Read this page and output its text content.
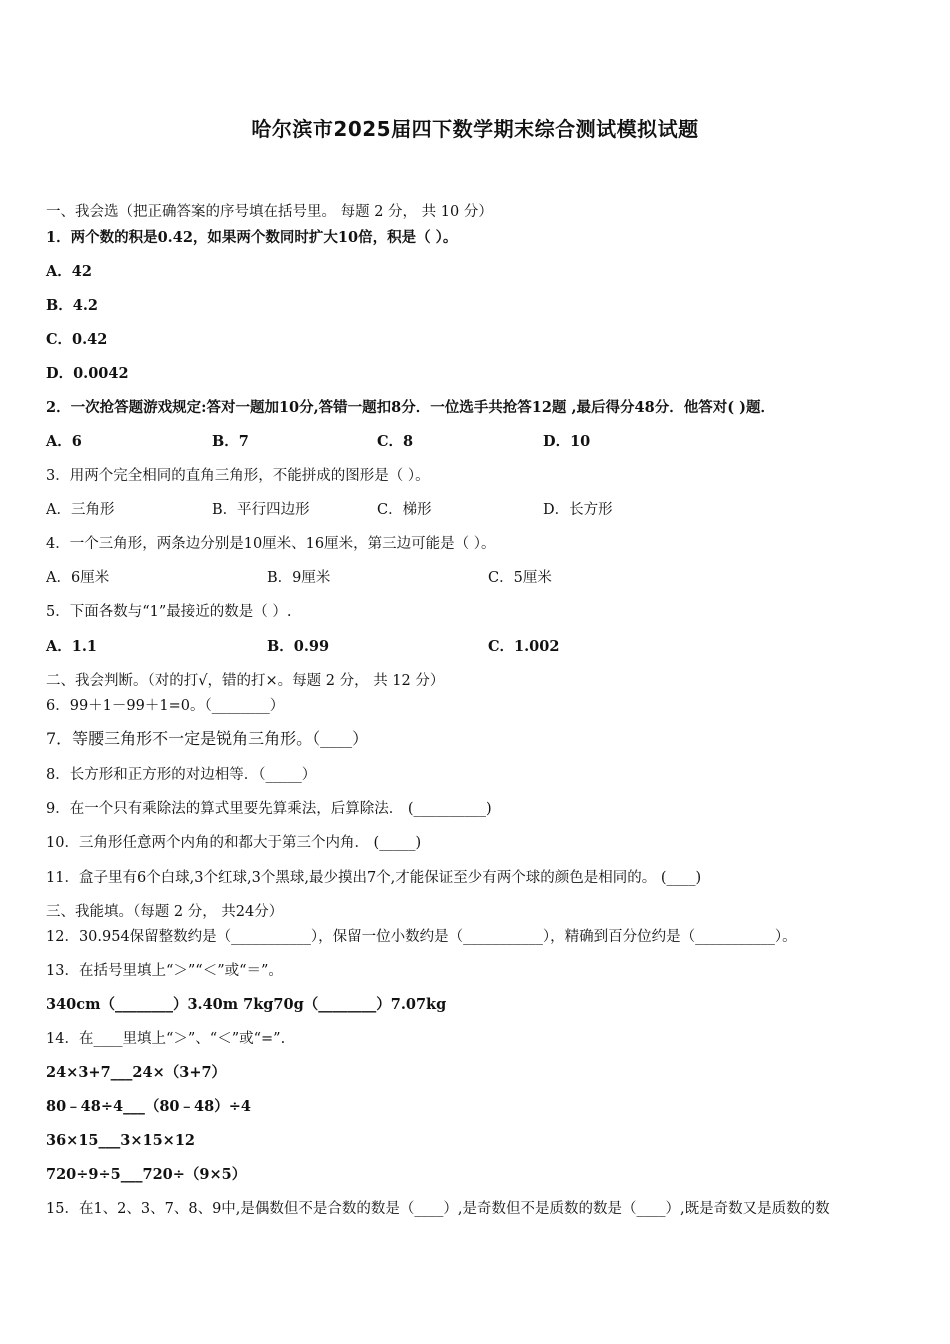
哈尔滨市2025届四下数学期末综合测试模拟试题
一、我会选（把正确答案的序号填在括号里。 每题 2 分， 共 10 分）
1．两个数的积是0.42，如果两个数同时扩大10倍，积是（ ）。
A．42
B．4.2
C．0.42
D．0.0042
2．一次抢答题游戏规定:答对一题加10分,答错一题扣8分．一位选手共抢答12题 ,最后得分48分．他答对( )题．
A．6	B．7	C．8	D．10
3．用两个完全相同的直角三角形，不能拼成的图形是（ ）。
A．三角形	B．平行四边形	C．梯形	D．长方形
4．一个三角形，两条边分别是10厘米、16厘米，第三边可能是（ ）。
A．6厘米	B．9厘米	C．5厘米
5．下面各数与“1”最接近的数是（ ）.
A．1.1	B．0.99	C．1.002
二、我会判断。（对的打√，错的打×。每题 2 分， 共 12 分）
6．99＋1－99＋1=0。（________）
7．等腰三角形不一定是锐角三角形。（____）
8．长方形和正方形的对边相等．（_____）
9．在一个只有乘除法的算式里要先算乘法，后算除法． (__________)
10．三角形任意两个内角的和都大于第三个内角． (_____)
11．盒子里有6个白球,3个红球,3个黑球,最少摸出7个,才能保证至少有两个球的颜色是相同的。 (____)
三、我能填。（每题 2 分， 共24分）
12．30.954保留整数约是（___________），保留一位小数约是（___________），精确到百分位约是（___________）。
13．在括号里填上“＞”“＜”或“＝”。
340cm（________）3.40m 7kg70g（________）7.07kg
14．在____里填上“＞”、“＜”或“=”.
24×3+7___24×（3+7）
80﹣48÷4___（80﹣48）÷4
36×15___3×15×12
720÷9÷5___720÷（9×5）
15．在1、2、3、7、8、9中,是偶数但不是合数的数是（____）,是奇数但不是质数的数是（____）,既是奇数又是质数的数
